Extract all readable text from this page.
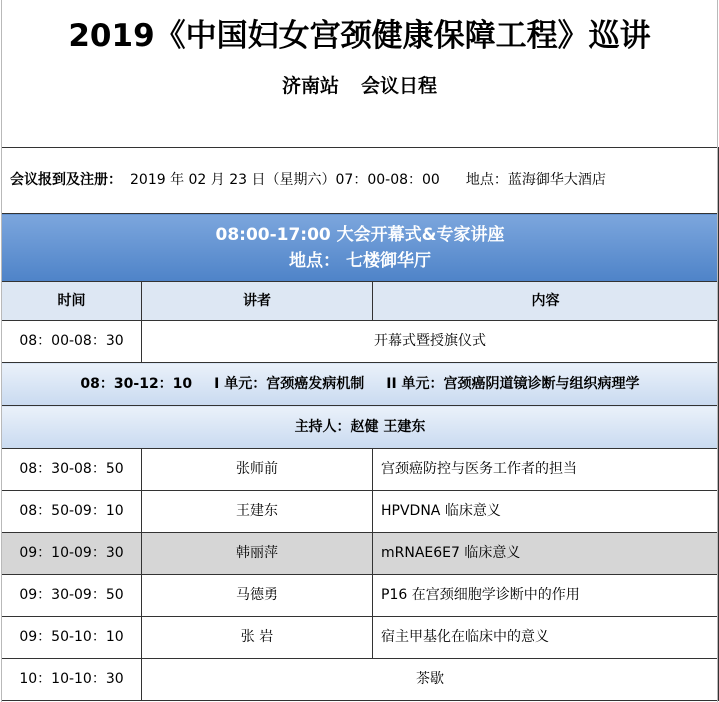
2019《中国妇女宫颈健康保障工程》巡讲
济南站 会议日程
会议报到及注册： 2019 年 02 月 23 日（星期六）07：00-08：00 地点：蓝海御华大酒店		

08:00-17:00 大会开幕式&专家讲座
地点： 七楼御华厅		

时间	讲者	内容
08：00-08：30	开幕式暨授旗仪式	
08：30-12：10 I 单元：宫颈癌发病机制 II 单元：宫颈癌阴道镜诊断与组织病理学		
主持人：赵健 王建东		
08：30-08：50	张师前	宫颈癌防控与医务工作者的担当
08：50-09：10	王建东	HPVDNA 临床意义
09：10-09：30	韩丽萍	mRNAE6E7 临床意义
09：30-09：50	马德勇	P16 在宫颈细胞学诊断中的作用
09：50-10：10	张 岩	宿主甲基化在临床中的意义
10：10-10：30	茶歇	
